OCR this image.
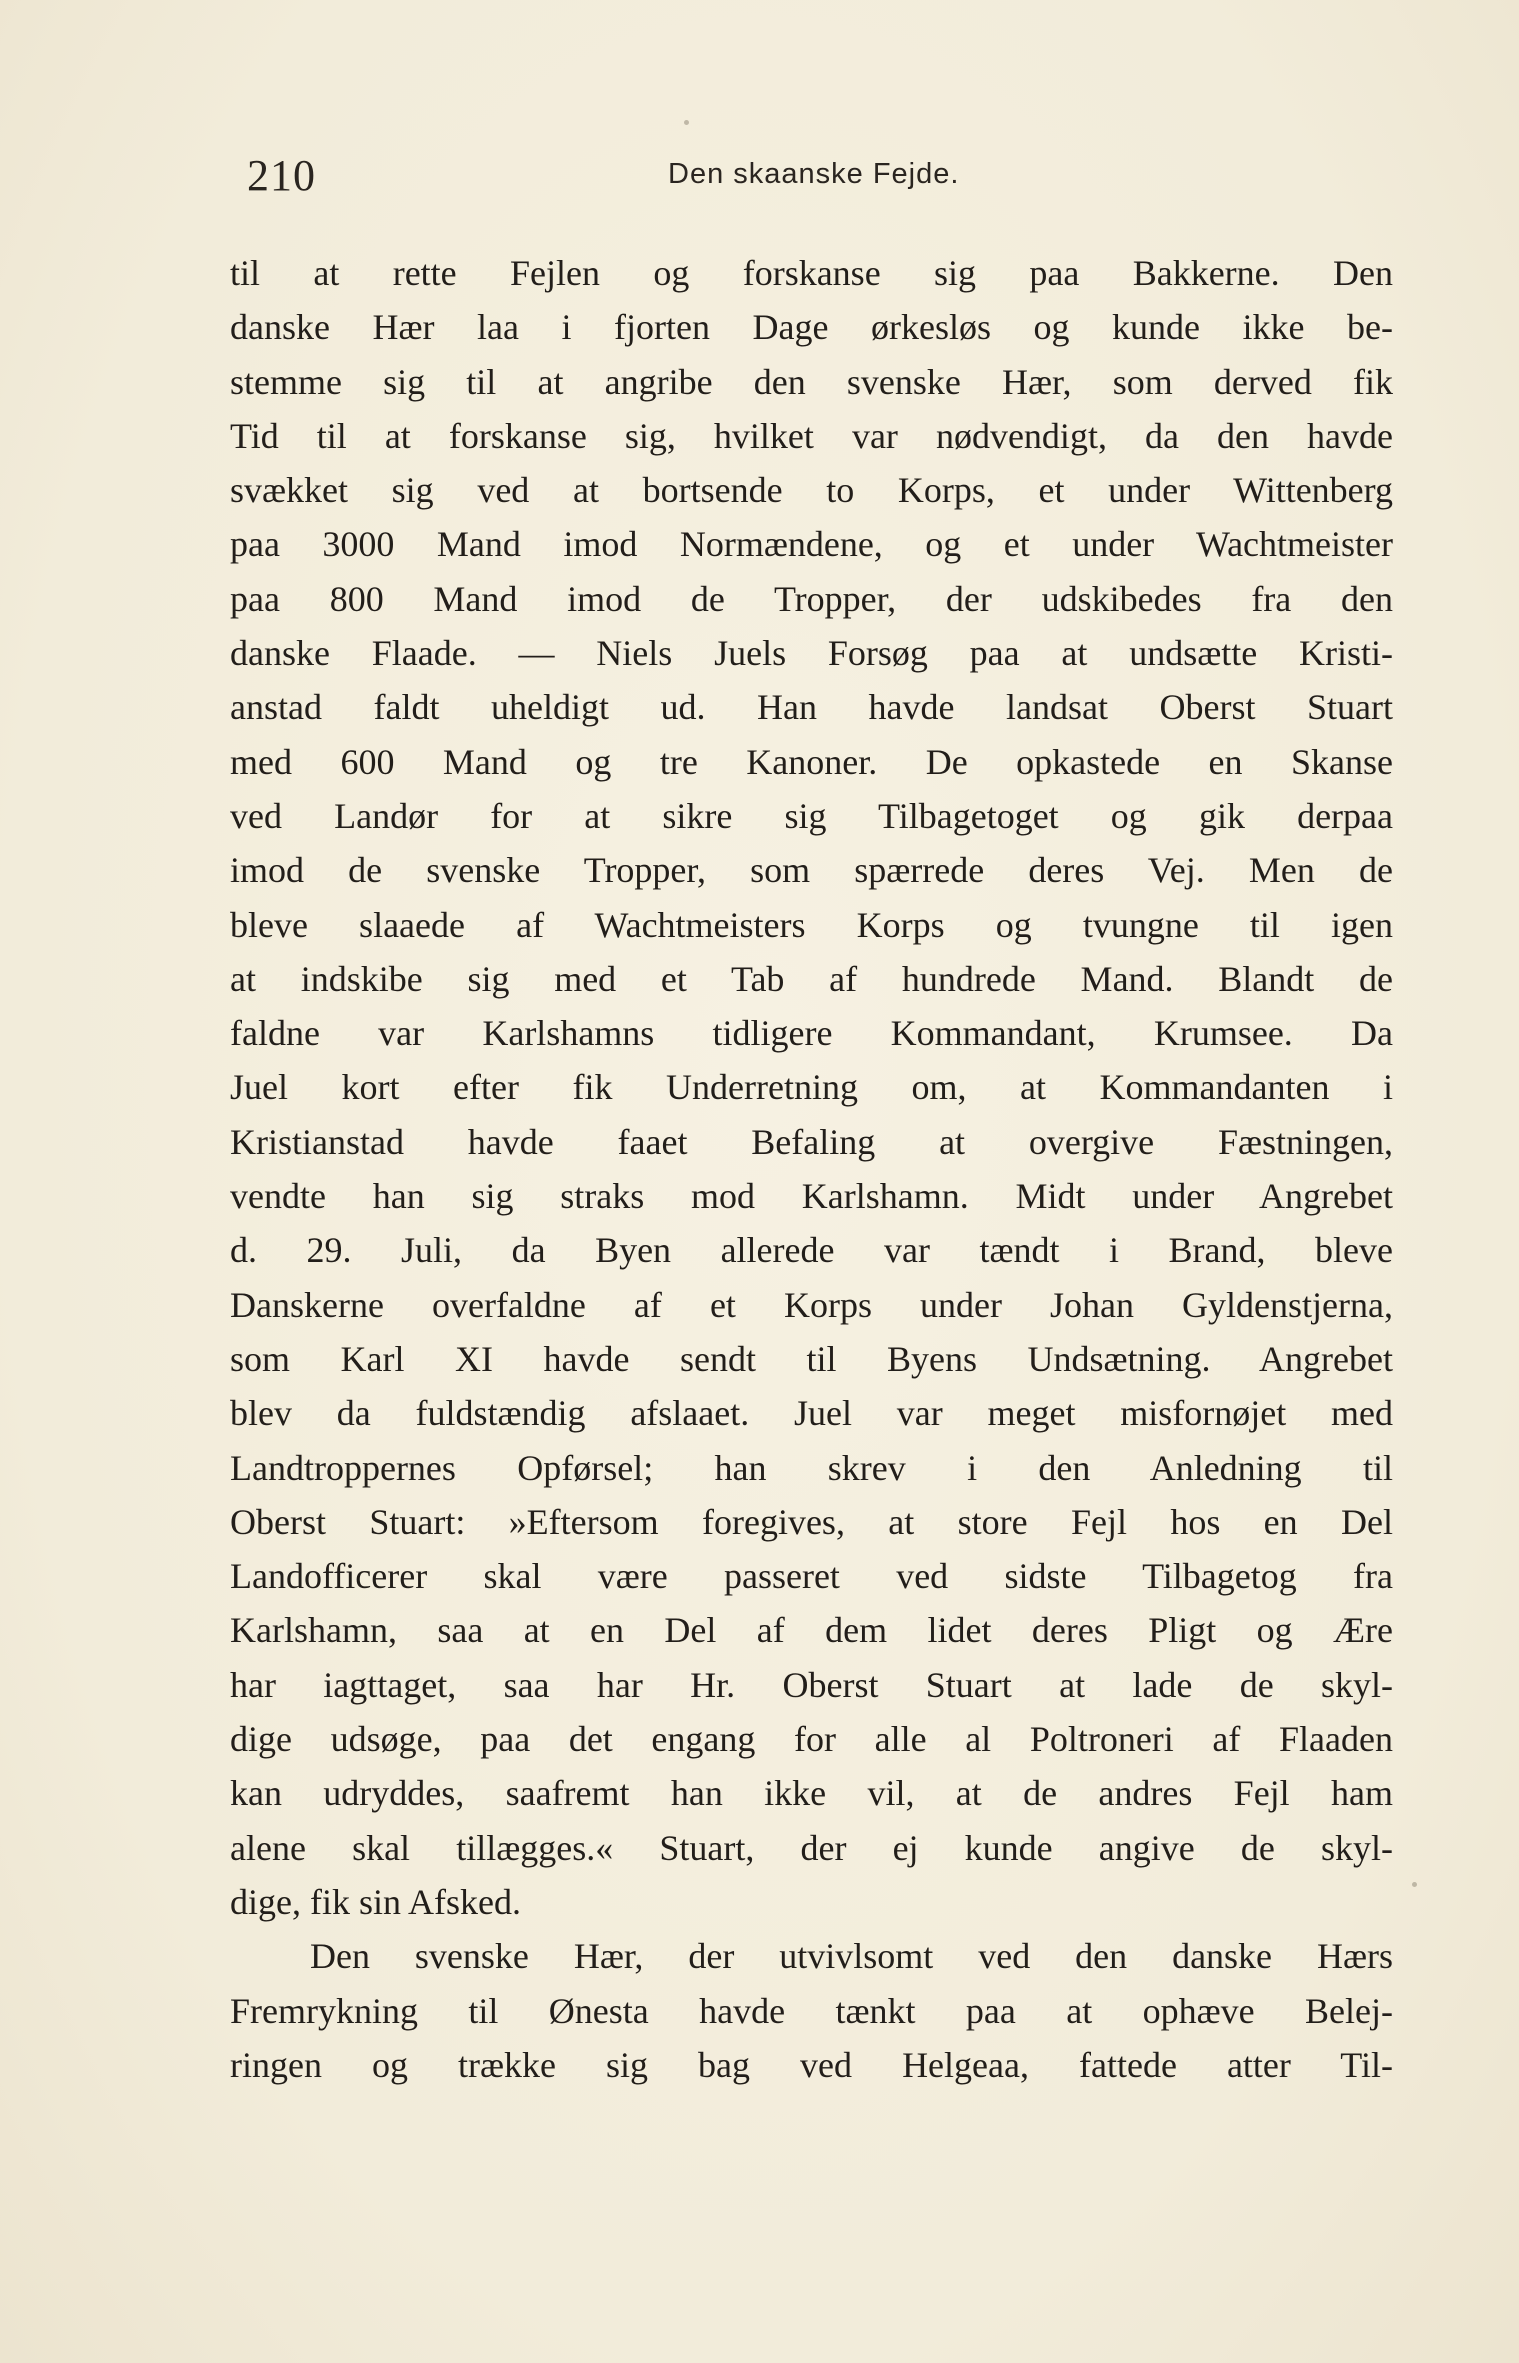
210	Den skaanske Fejde.
til at rette Fejlen og forskanse sig paa Bakkerne. Den
danske Hær laa i fjorten Dage ørkesløs og kunde ikke be-
stemme sig til at angribe den svenske Hær, som derved fik
Tid til at forskanse sig, hvilket var nødvendigt, da den havde
svækket sig ved at bortsende to Korps, et under Wittenberg
paa 3000 Mand imod Normændene, og et under Wachtmeister
paa 800 Mand imod de Tropper, der udskibedes fra den
danske Flaade. — Niels Juels Forsøg paa at undsætte Kristi-
anstad faldt uheldigt ud. Han havde landsat Oberst Stuart
med 600 Mand og tre Kanoner. De opkastede en Skanse
ved Landør for at sikre sig Tilbagetoget og gik derpaa
imod de svenske Tropper, som spærrede deres Vej. Men de
bleve slaaede af Wachtmeisters Korps og tvungne til igen
at indskibe sig med et Tab af hundrede Mand. Blandt de
faldne var Karlshamns tidligere Kommandant, Krumsee. Da
Juel kort efter fik Underretning om, at Kommandanten i
Kristianstad havde faaet Befaling at overgive Fæstningen,
vendte han sig straks mod Karlshamn. Midt under Angrebet
d. 29. Juli, da Byen allerede var tændt i Brand, bleve
Danskerne overfaldne af et Korps under Johan Gyldenstjerna,
som Karl XI havde sendt til Byens Undsætning. Angrebet
blev da fuldstændig afslaaet. Juel var meget misfornøjet med
Landtroppernes Opførsel; han skrev i den Anledning til
Oberst Stuart: »Eftersom foregives, at store Fejl hos en Del
Landofficerer skal være passeret ved sidste Tilbagetog fra
Karlshamn, saa at en Del af dem lidet deres Pligt og Ære
har iagttaget, saa har Hr. Oberst Stuart at lade de skyl-
dige udsøge, paa det engang for alle al Poltroneri af Flaaden
kan udryddes, saafremt han ikke vil, at de andres Fejl ham
alene skal tillægges.« Stuart, der ej kunde angive de skyl-
dige, fik sin Afsked.
Den svenske Hær, der utvivlsomt ved den danske Hærs
Fremrykning til Ønesta havde tænkt paa at ophæve Belej-
ringen og trække sig bag ved Helgeaa, fattede atter Til-
